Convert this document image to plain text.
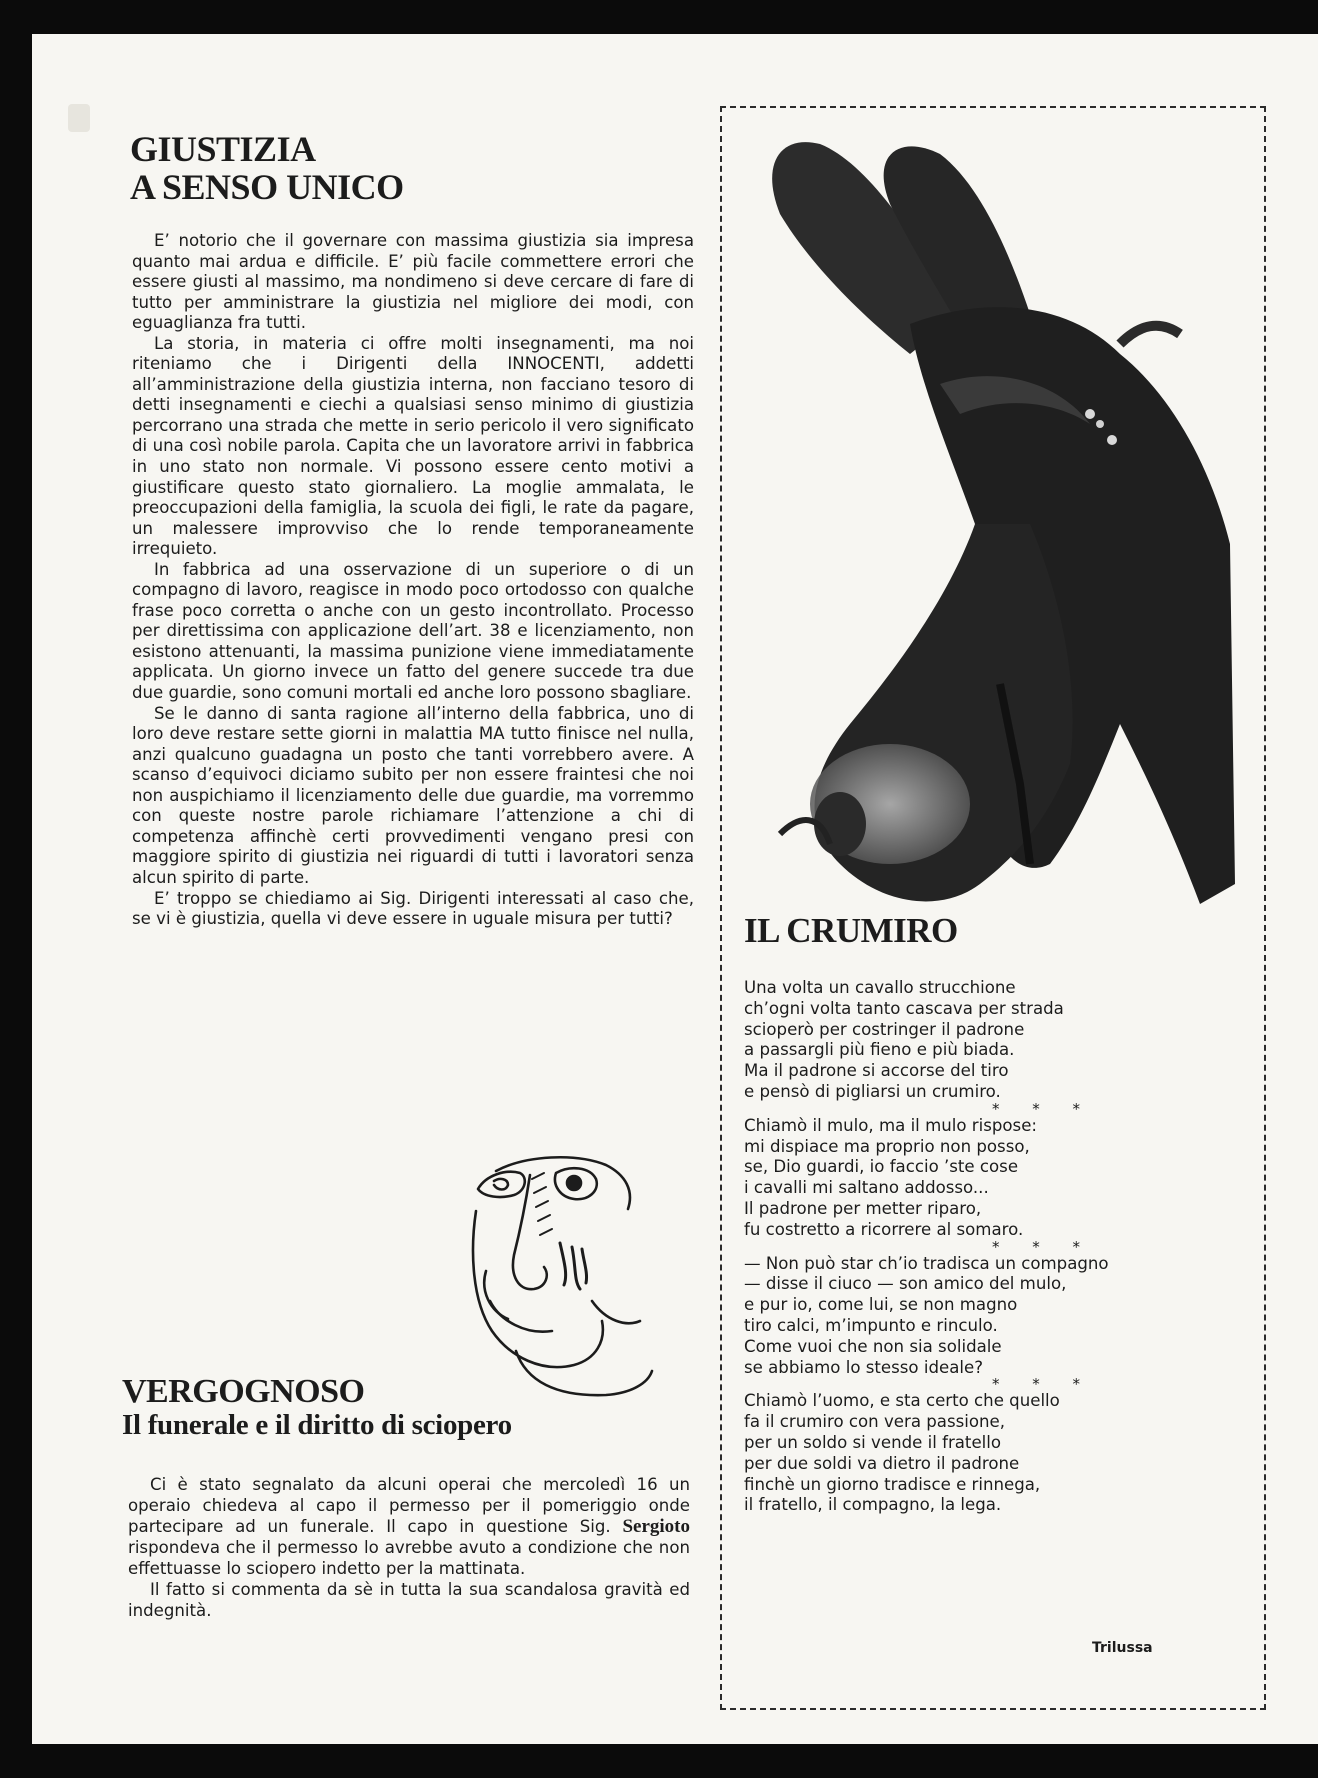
GIUSTIZIA
A SENSO UNICO

E’ notorio che il governare con massima giustizia sia impresa quanto mai ardua e difficile. E’ più facile commettere errori che essere giusti al massimo, ma nondimeno si deve cercare di fare di tutto per amministrare la giustizia nel migliore dei modi, con eguaglianza fra tutti.

La storia, in materia ci offre molti insegnamenti, ma noi riteniamo che i Dirigenti della INNOCENTI, addetti all’amministrazione della giustizia interna, non facciano tesoro di detti insegnamenti e ciechi a qualsiasi senso minimo di giustizia percorrano una strada che mette in serio pericolo il vero significato di una così nobile parola. Capita che un lavoratore arrivi in fabbrica in uno stato non normale. Vi possono essere cento motivi a giustificare questo stato giornaliero. La moglie ammalata, le preoccupazioni della famiglia, la scuola dei figli, le rate da pagare, un malessere improvviso che lo rende temporaneamente irrequieto.

In fabbrica ad una osservazione di un superiore o di un compagno di lavoro, reagisce in modo poco ortodosso con qualche frase poco corretta o anche con un gesto incontrollato. Processo per direttissima con applicazione dell’art. 38 e licenziamento, non esistono attenuanti, la massima punizione viene immediatamente applicata. Un giorno invece un fatto del genere succede tra due due guardie, sono comuni mortali ed anche loro possono sbagliare.

Se le danno di santa ragione all’interno della fabbrica, uno di loro deve restare sette giorni in malattia MA tutto finisce nel nulla, anzi qualcuno guadagna un posto che tanti vorrebbero avere. A scanso d’equivoci diciamo subito per non essere fraintesi che noi non auspichiamo il licenziamento delle due guardie, ma vorremmo con queste nostre parole richiamare l’attenzione a chi di competenza affinchè certi provvedimenti vengano presi con maggiore spirito di giustizia nei riguardi di tutti i lavoratori senza alcun spirito di parte.

E’ troppo se chiediamo ai Sig. Dirigenti interessati al caso che, se vi è giustizia, quella vi deve essere in uguale misura per tutti?

VERGOGNOSO
Il funerale e il diritto di sciopero

Ci è stato segnalato da alcuni operai che mercoledì 16 un operaio chiedeva al capo il permesso per il pomeriggio onde partecipare ad un funerale. Il capo in questione Sig. Sergioto rispondeva che il permesso lo avrebbe avuto a condizione che non effettuasse lo sciopero indetto per la mattinata.

Il fatto si commenta da sè in tutta la sua scandalosa gravità ed indegnità.

IL CRUMIRO

Una volta un cavallo strucchione
ch’ogni volta tanto cascava per strada
scioperò per costringer il padrone
a passargli più fieno e più biada.
Ma il padrone si accorse del tiro
e pensò di pigliarsi un crumiro.

* * *

Chiamò il mulo, ma il mulo rispose:
mi dispiace ma proprio non posso,
se, Dio guardi, io faccio ’ste cose
i cavalli mi saltano addosso...
Il padrone per metter riparo,
fu costretto a ricorrere al somaro.

* * *

— Non può star ch’io tradisca un compagno
— disse il ciuco — son amico del mulo,
e pur io, come lui, se non magno
tiro calci, m’impunto e rinculo.
Come vuoi che non sia solidale
se abbiamo lo stesso ideale?

* * *

Chiamò l’uomo, e sta certo che quello
fa il crumiro con vera passione,
per un soldo si vende il fratello
per due soldi va dietro il padrone
finchè un giorno tradisce e rinnega,
il fratello, il compagno, la lega.

Trilussa
